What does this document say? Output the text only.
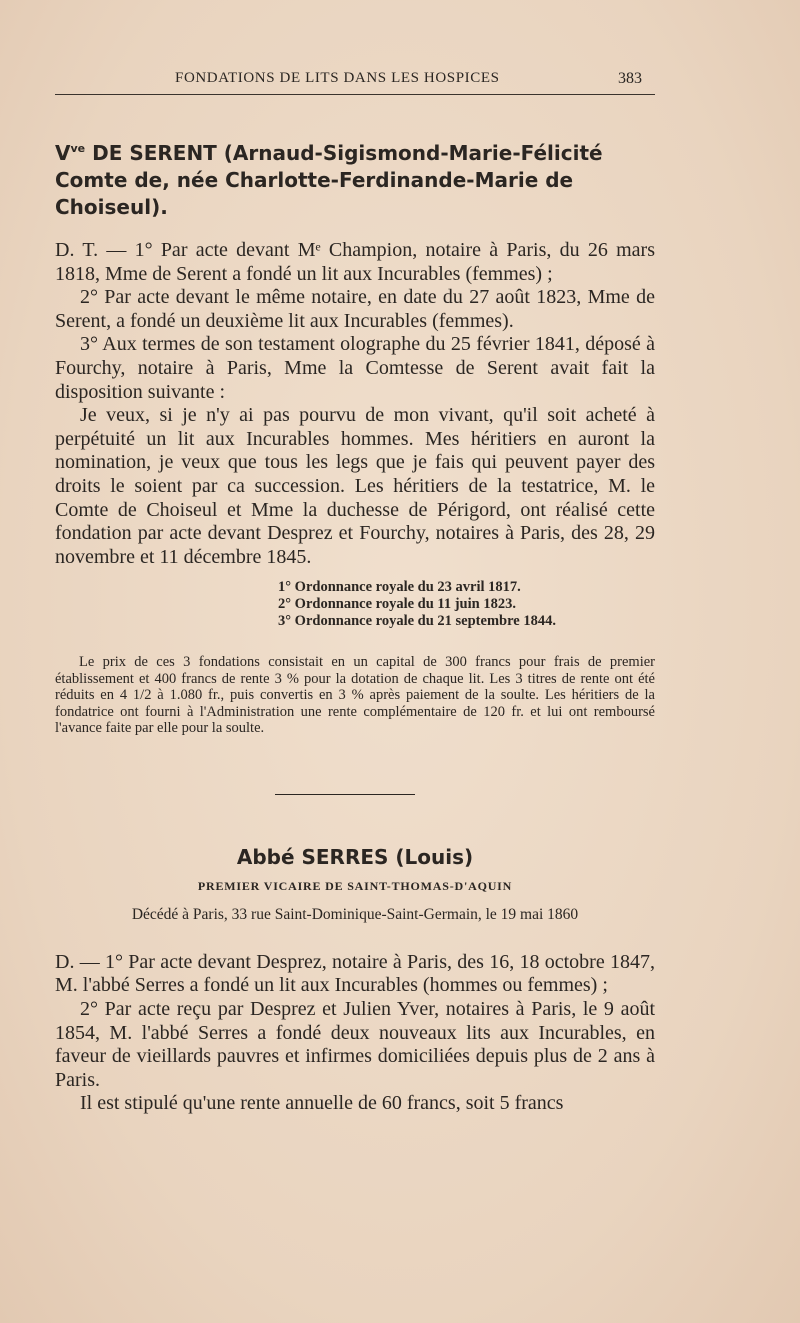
FONDATIONS DE LITS DANS LES HOSPICES	383
$V^{ve}$ DE SERENT (Arnaud-Sigismond-Marie-Félicité Comte de, née Charlotte-Ferdinande-Marie de Choiseul).

D. T. — 1° Par acte devant Mᵉ Champion, notaire à Paris, du 26 mars 1818, Mme de Serent a fondé un lit aux Incurables (femmes) ;

2° Par acte devant le même notaire, en date du 27 août 1823, Mme de Serent, a fondé un deuxième lit aux Incurables (femmes).

3° Aux termes de son testament olographe du 25 février 1841, déposé à Fourchy, notaire à Paris, Mme la Comtesse de Serent avait fait la disposition suivante :

Je veux, si je n'y ai pas pourvu de mon vivant, qu'il soit acheté à perpétuité un lit aux Incurables hommes. Mes héritiers en auront la nomination, je veux que tous les legs que je fais qui peuvent payer des droits le soient par ca succession. Les héritiers de la testatrice, M. le Comte de Choiseul et Mme la duchesse de Périgord, ont réalisé cette fondation par acte devant Desprez et Fourchy, notaires à Paris, des 28, 29 novembre et 11 décembre 1845.

1° Ordonnance royale du 23 avril 1817.
2° Ordonnance royale du 11 juin 1823.
3° Ordonnance royale du 21 septembre 1844.

Le prix de ces 3 fondations consistait en un capital de 300 francs pour frais de premier établissement et 400 francs de rente 3 % pour la dotation de chaque lit. Les 3 titres de rente ont été réduits en 4 1/2 à 1.080 fr., puis convertis en 3 % après paiement de la soulte. Les héritiers de la fondatrice ont fourni à l'Administration une rente complémentaire de 120 fr. et lui ont remboursé l'avance faite par elle pour la soulte.

Abbé SERRES (Louis)
PREMIER VICAIRE DE SAINT-THOMAS-D'AQUIN
Décédé à Paris, 33 rue Saint-Dominique-Saint-Germain, le 19 mai 1860

D. — 1° Par acte devant Desprez, notaire à Paris, des 16, 18 octobre 1847, M. l'abbé Serres a fondé un lit aux Incurables (hommes ou femmes) ;

2° Par acte reçu par Desprez et Julien Yver, notaires à Paris, le 9 août 1854, M. l'abbé Serres a fondé deux nouveaux lits aux Incurables, en faveur de vieillards pauvres et infirmes domiciliées depuis plus de 2 ans à Paris.

Il est stipulé qu'une rente annuelle de 60 francs, soit 5 francs
